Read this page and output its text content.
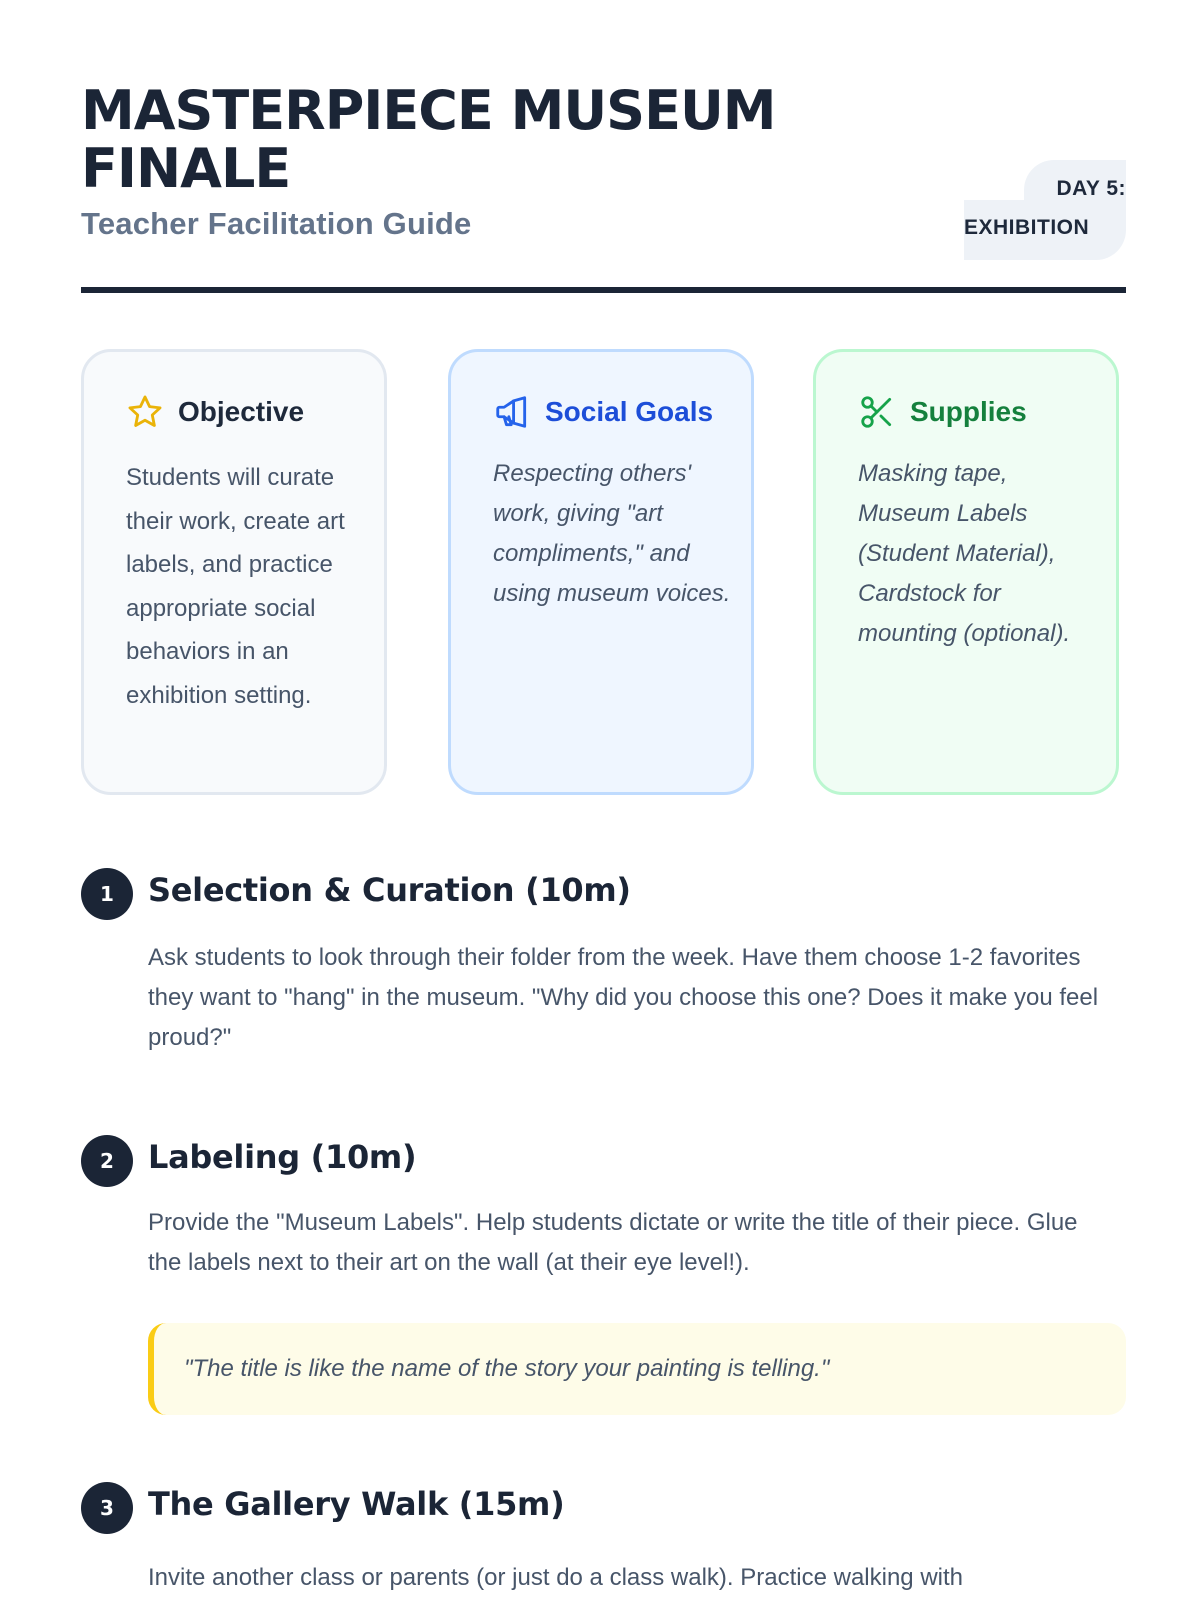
MASTERPIECE MUSEUM FINALE
Teacher Facilitation Guide
DAY 5:
EXHIBITION
Objective
Students will curate their work, create art labels, and practice appropriate social behaviors in an exhibition setting.
Social Goals
Respecting others' work, giving "art compliments," and using museum voices.
Supplies
Masking tape, Museum Labels (Student Material), Cardstock for mounting (optional).
1	Selection & Curation (10m)
Ask students to look through their folder from the week. Have them choose 1-2 favorites they want to "hang" in the museum. "Why did you choose this one? Does it make you feel proud?"
2	Labeling (10m)
Provide the "Museum Labels". Help students dictate or write the title of their piece. Glue the labels next to their art on the wall (at their eye level!).
"The title is like the name of the story your painting is telling."
3	The Gallery Walk (15m)
Invite another class or parents (or just do a class walk). Practice walking with
